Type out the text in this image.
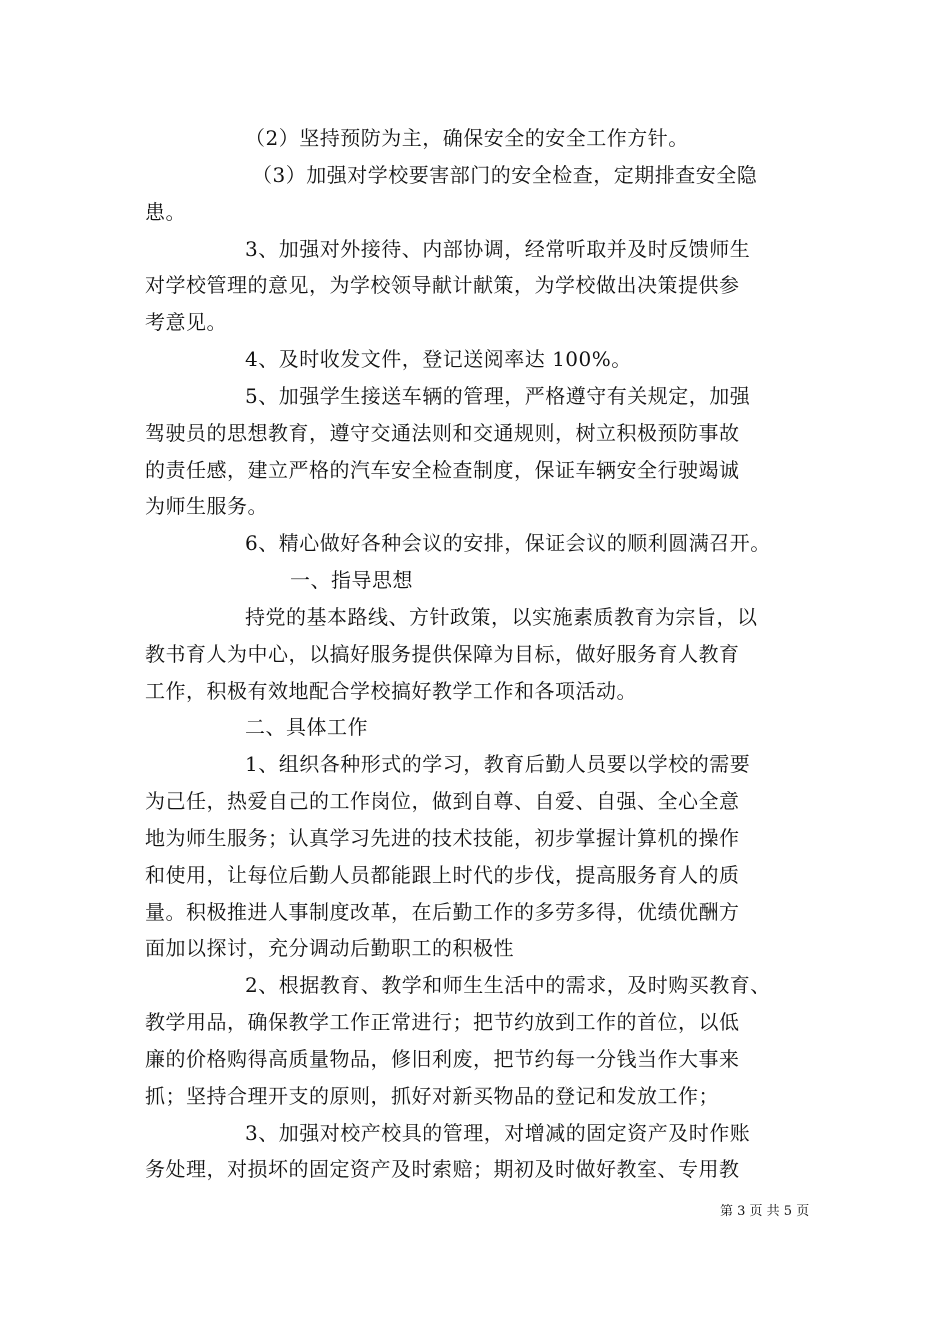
（2）坚持预防为主，确保安全的安全工作方针。
（3）加强对学校要害部门的安全检查，定期排查安全隐
患。
3、加强对外接待、内部协调，经常听取并及时反馈师生
对学校管理的意见，为学校领导献计献策，为学校做出决策提供参
考意见。
4、及时收发文件，登记送阅率达 100%。
5、加强学生接送车辆的管理，严格遵守有关规定，加强
驾驶员的思想教育，遵守交通法则和交通规则，树立积极预防事故
的责任感，建立严格的汽车安全检查制度，保证车辆安全行驶竭诚
为师生服务。
6、精心做好各种会议的安排，保证会议的顺利圆满召开。
一、指导思想
持党的基本路线、方针政策，以实施素质教育为宗旨，以
教书育人为中心，以搞好服务提供保障为目标，做好服务育人教育
工作，积极有效地配合学校搞好教学工作和各项活动。
二、具体工作
1、组织各种形式的学习，教育后勤人员要以学校的需要
为己任，热爱自己的工作岗位，做到自尊、自爱、自强、全心全意
地为师生服务；认真学习先进的技术技能，初步掌握计算机的操作
和使用，让每位后勤人员都能跟上时代的步伐，提高服务育人的质
量。积极推进人事制度改革，在后勤工作的多劳多得，优绩优酬方
面加以探讨，充分调动后勤职工的积极性
2、根据教育、教学和师生生活中的需求，及时购买教育、
教学用品，确保教学工作正常进行；把节约放到工作的首位，以低
廉的价格购得高质量物品，修旧利废，把节约每一分钱当作大事来
抓；坚持合理开支的原则，抓好对新买物品的登记和发放工作；
3、加强对校产校具的管理，对增减的固定资产及时作账
务处理，对损坏的固定资产及时索赔；期初及时做好教室、专用教
第 3 页 共 5 页
